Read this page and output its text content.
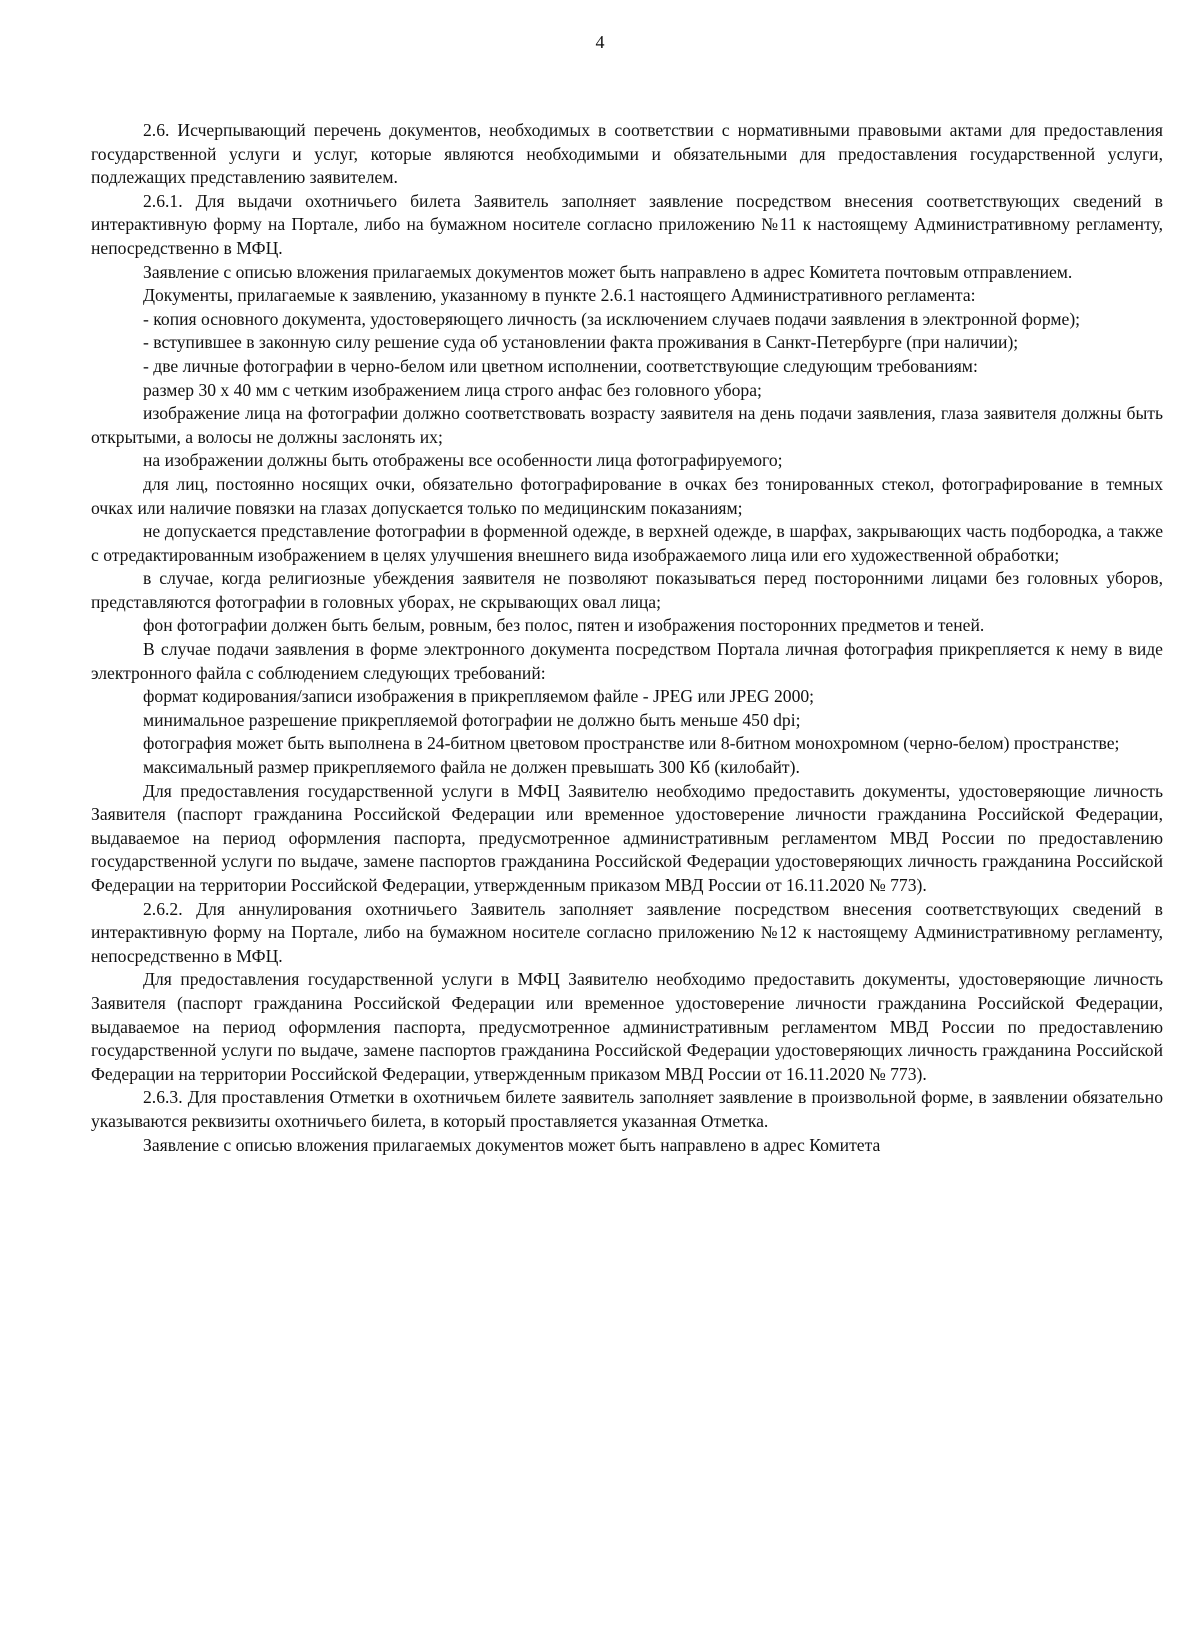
4

2.6. Исчерпывающий перечень документов, необходимых в соответствии с нормативными правовыми актами для предоставления государственной услуги и услуг, которые являются необходимыми и обязательными для предоставления государственной услуги, подлежащих представлению заявителем.

2.6.1. Для выдачи охотничьего билета Заявитель заполняет заявление посредством внесения соответствующих сведений в интерактивную форму на Портале, либо на бумажном носителе согласно приложению №11 к настоящему Административному регламенту, непосредственно в МФЦ.

Заявление с описью вложения прилагаемых документов может быть направлено в адрес Комитета почтовым отправлением.

Документы, прилагаемые к заявлению, указанному в пункте 2.6.1 настоящего Административного регламента:

- копия основного документа, удостоверяющего личность (за исключением случаев подачи заявления в электронной форме);

- вступившее в законную силу решение суда об установлении факта проживания в Санкт-Петербурге (при наличии);

- две личные фотографии в черно-белом или цветном исполнении, соответствующие следующим требованиям:

размер 30 х 40 мм с четким изображением лица строго анфас без головного убора;

изображение лица на фотографии должно соответствовать возрасту заявителя на день подачи заявления, глаза заявителя должны быть открытыми, а волосы не должны заслонять их;

на изображении должны быть отображены все особенности лица фотографируемого;

для лиц, постоянно носящих очки, обязательно фотографирование в очках без тонированных стекол, фотографирование в темных очках или наличие повязки на глазах допускается только по медицинским показаниям;

не допускается представление фотографии в форменной одежде, в верхней одежде, в шарфах, закрывающих часть подбородка, а также с отредактированным изображением в целях улучшения внешнего вида изображаемого лица или его художественной обработки;

в случае, когда религиозные убеждения заявителя не позволяют показываться перед посторонними лицами без головных уборов, представляются фотографии в головных уборах, не скрывающих овал лица;

фон фотографии должен быть белым, ровным, без полос, пятен и изображения посторонних предметов и теней.

В случае подачи заявления в форме электронного документа посредством Портала личная фотография прикрепляется к нему в виде электронного файла с соблюдением следующих требований:

формат кодирования/записи изображения в прикрепляемом файле - JPEG или JPEG 2000;

минимальное разрешение прикрепляемой фотографии не должно быть меньше 450 dpi;

фотография может быть выполнена в 24-битном цветовом пространстве или 8-битном монохромном (черно-белом) пространстве;

максимальный размер прикрепляемого файла не должен превышать 300 Кб (килобайт).

Для предоставления государственной услуги в МФЦ Заявителю необходимо предоставить документы, удостоверяющие личность Заявителя (паспорт гражданина Российской Федерации или временное удостоверение личности гражданина Российской Федерации, выдаваемое на период оформления паспорта, предусмотренное административным регламентом МВД России по предоставлению государственной услуги по выдаче, замене паспортов гражданина Российской Федерации удостоверяющих личность гражданина Российской Федерации на территории Российской Федерации, утвержденным приказом МВД России от 16.11.2020 № 773).

2.6.2. Для аннулирования охотничьего Заявитель заполняет заявление посредством внесения соответствующих сведений в интерактивную форму на Портале, либо на бумажном носителе согласно приложению №12 к настоящему Административному регламенту, непосредственно в МФЦ.

Для предоставления государственной услуги в МФЦ Заявителю необходимо предоставить документы, удостоверяющие личность Заявителя (паспорт гражданина Российской Федерации или временное удостоверение личности гражданина Российской Федерации, выдаваемое на период оформления паспорта, предусмотренное административным регламентом МВД России по предоставлению государственной услуги по выдаче, замене паспортов гражданина Российской Федерации удостоверяющих личность гражданина Российской Федерации на территории Российской Федерации, утвержденным приказом МВД России от 16.11.2020 № 773).

2.6.3. Для проставления Отметки в охотничьем билете заявитель заполняет заявление в произвольной форме, в заявлении обязательно указываются реквизиты охотничьего билета, в который проставляется указанная Отметка.

Заявление с описью вложения прилагаемых документов может быть направлено в адрес Комитета
